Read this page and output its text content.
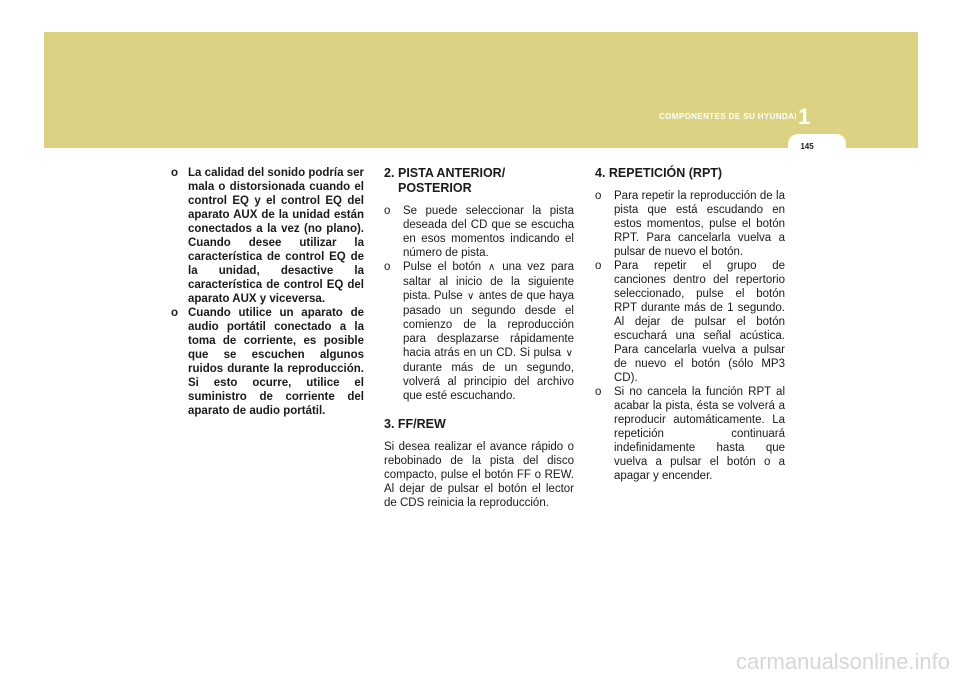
COMPONENTES DE SU HYUNDAI 1
145
o La calidad del sonido podría ser mala o distorsionada cuando el control EQ y el control EQ del aparato AUX de la unidad están conectados a la vez (no plano). Cuando desee utilizar la característica de control EQ de la unidad, desactive la característica de control EQ del aparato AUX y viceversa.
o Cuando utilice un aparato de audio portátil conectado a la toma de corriente, es posible que se escuchen algunos ruidos durante la reproducción. Si esto ocurre, utilice el suministro de corriente del aparato de audio portátil.
2. PISTA ANTERIOR/ POSTERIOR
o	Se puede seleccionar la pista deseada del CD que se escucha en esos momentos indicando el número de pista.
o	Pulse el botón ∧ una vez para saltar al inicio de la siguiente pista. Pulse ∨ antes de que haya pasado un segundo desde el comienzo de la reproducción para desplazarse rápidamente hacia atrás en un CD. Si pulsa ∨ durante más de un segundo, volverá al principio del archivo que esté escuchando.
3. FF/REW

Si desea realizar el avance rápido o rebobinado de la pista del disco compacto, pulse el botón FF o REW. Al dejar de pulsar el botón el lector de CDS reinicia la reproducción.

4. REPETICIÓN (RPT)
o	Para repetir la reproducción de la pista que está escudando en estos momentos, pulse el botón RPT. Para cancelarla vuelva a pulsar de nuevo el botón.
o	Para repetir el grupo de canciones dentro del repertorio seleccionado, pulse el botón RPT durante más de 1 segundo. Al dejar de pulsar el botón escuchará una señal acústica. Para cancelarla vuelva a pulsar de nuevo el botón (sólo MP3 CD).
o	Si no cancela la función RPT al acabar la pista, ésta se volverá a reproducir automáticamente. La repetición continuará indefinidamente hasta que vuelva a pulsar el botón o a apagar y encender.
carmanualsonline.info
